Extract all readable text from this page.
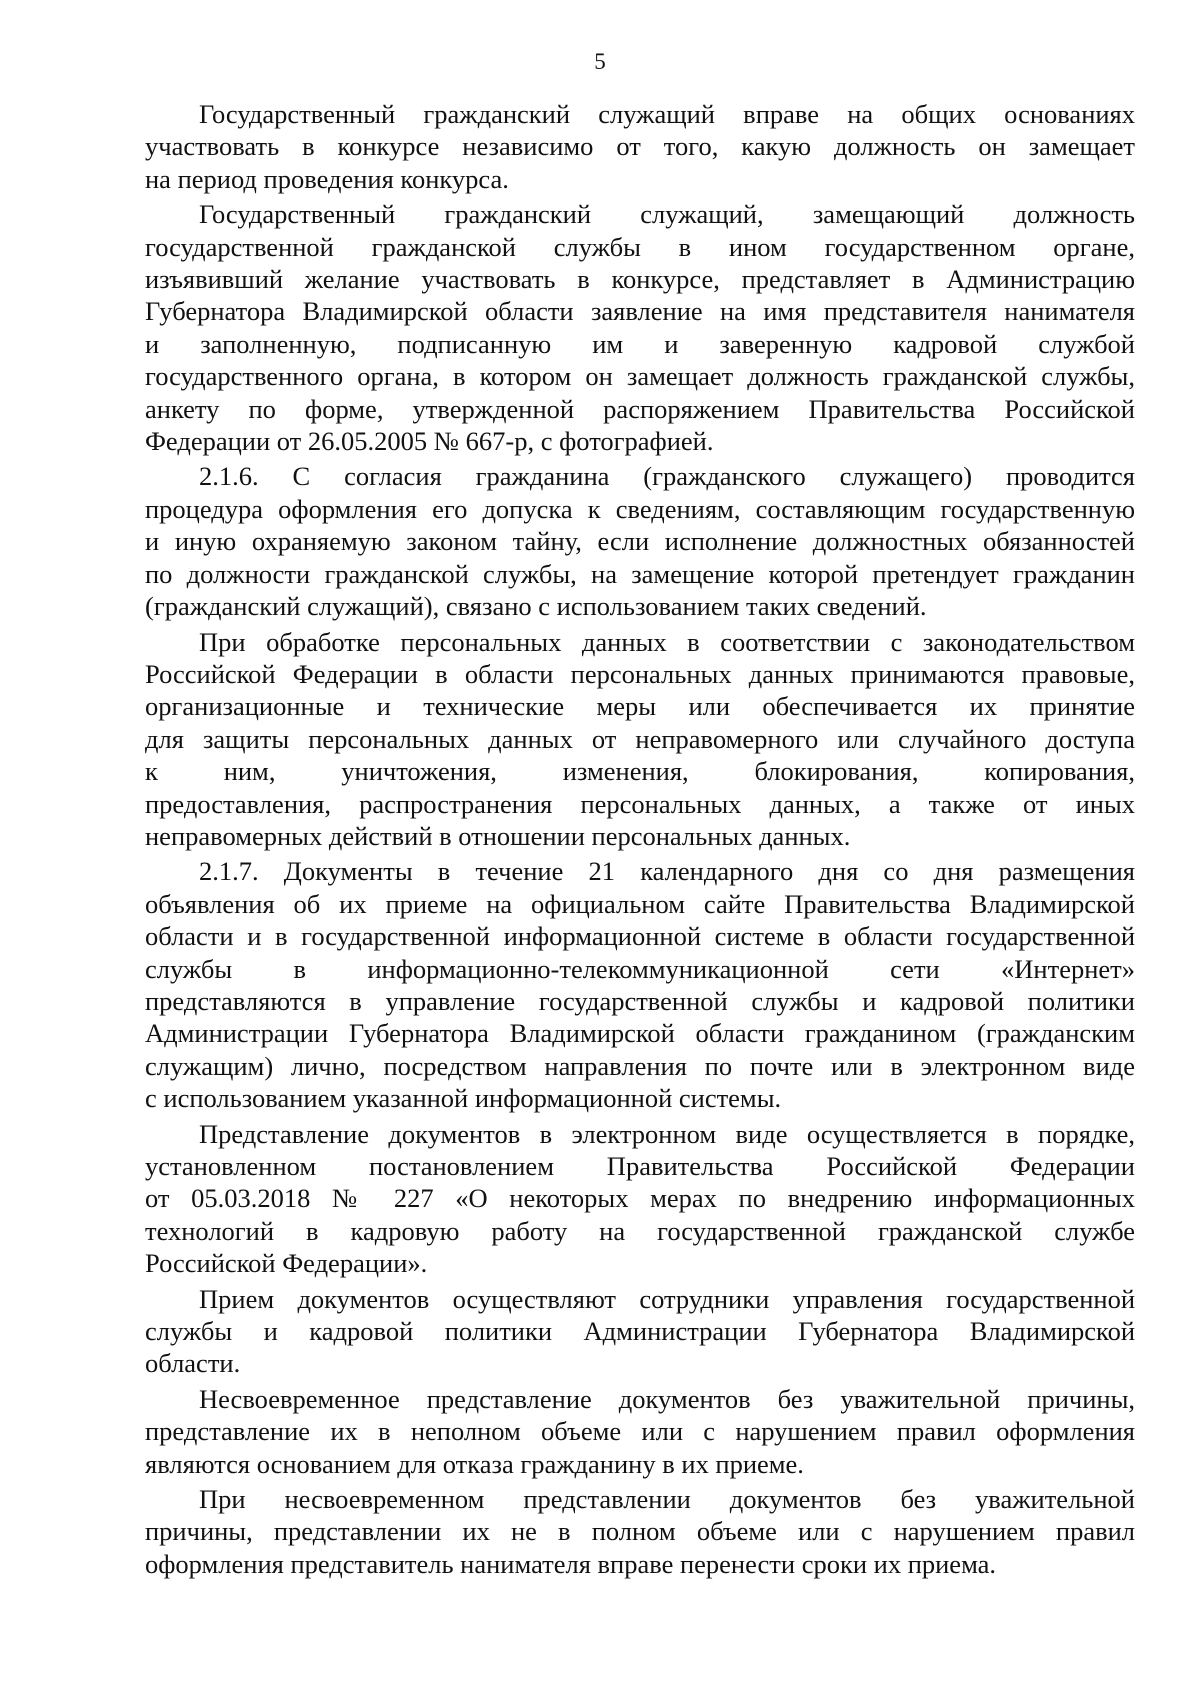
5

Государственный гражданский служащий вправе на общих основаниях
участвовать в конкурсе независимо от того, какую должность он замещает
на период проведения конкурса.

Государственный гражданский служащий, замещающий должность
государственной гражданской службы в ином государственном органе,
изъявивший желание участвовать в конкурсе, представляет в Администрацию
Губернатора Владимирской области заявление на имя представителя нанимателя
и заполненную, подписанную им и заверенную кадровой службой
государственного органа, в котором он замещает должность гражданской службы,
анкету по форме, утвержденной распоряжением Правительства Российской
Федерации от 26.05.2005 № 667-р, с фотографией.

2.1.6. С согласия гражданина (гражданского служащего) проводится
процедура оформления его допуска к сведениям, составляющим государственную
и иную охраняемую законом тайну, если исполнение должностных обязанностей
по должности гражданской службы, на замещение которой претендует гражданин
(гражданский служащий), связано с использованием таких сведений.

При обработке персональных данных в соответствии с законодательством
Российской Федерации в области персональных данных принимаются правовые,
организационные и технические меры или обеспечивается их принятие
для защиты персональных данных от неправомерного или случайного доступа
к ним, уничтожения, изменения, блокирования, копирования,
предоставления, распространения персональных данных, а также от иных
неправомерных действий в отношении персональных данных.

2.1.7. Документы в течение 21 календарного дня со дня размещения
объявления об их приеме на официальном сайте Правительства Владимирской
области и в государственной информационной системе в области государственной
службы в информационно-телекоммуникационной сети «Интернет»
представляются в управление государственной службы и кадровой политики
Администрации Губернатора Владимирской области гражданином (гражданским
служащим) лично, посредством направления по почте или в электронном виде
с использованием указанной информационной системы.

Представление документов в электронном виде осуществляется в порядке,
установленном постановлением Правительства Российской Федерации
от 05.03.2018 № 227 «О некоторых мерах по внедрению информационных
технологий в кадровую работу на государственной гражданской службе
Российской Федерации».

Прием документов осуществляют сотрудники управления государственной
службы и кадровой политики Администрации Губернатора Владимирской
области.

Несвоевременное представление документов без уважительной причины,
представление их в неполном объеме или с нарушением правил оформления
являются основанием для отказа гражданину в их приеме.

При несвоевременном представлении документов без уважительной
причины, представлении их не в полном объеме или с нарушением правил
оформления представитель нанимателя вправе перенести сроки их приема.
